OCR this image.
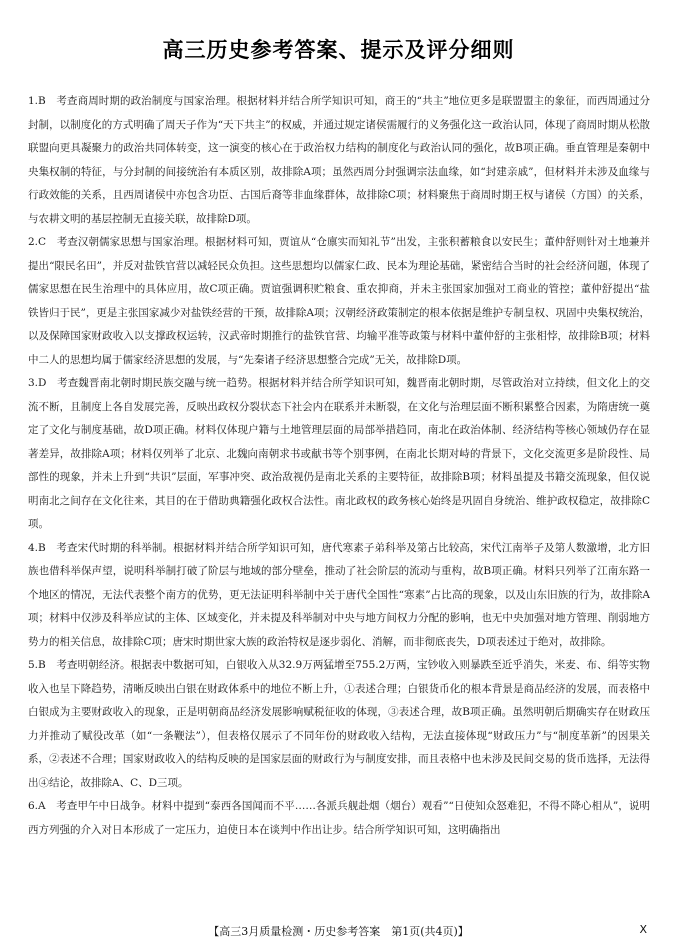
高三历史参考答案、提示及评分细则

1.B　考查商周时期的政治制度与国家治理。根据材料并结合所学知识可知，商王的“共主”地位更多是联盟盟主的象征，而西周通过分封制，以制度化的方式明确了周天子作为“天下共主”的权威，并通过规定诸侯需履行的义务强化这一政治认同，体现了商周时期从松散联盟向更具凝聚力的政治共同体转变，这一演变的核心在于政治权力结构的制度化与政治认同的强化，故B项正确。垂直管理是秦朝中央集权制的特征，与分封制的间接统治有本质区别，故排除A项；虽然西周分封强调宗法血缘，如“封建亲戚”，但材料并未涉及血缘与行政效能的关系，且西周诸侯中亦包含功臣、古国后裔等非血缘群体，故排除C项；材料聚焦于商周时期王权与诸侯（方国）的关系，与农耕文明的基层控制无直接关联，故排除D项。

2.C　考查汉朝儒家思想与国家治理。根据材料可知，贾谊从“仓廪实而知礼节”出发，主张积蓄粮食以安民生；董仲舒则针对土地兼并提出“限民名田”，并反对盐铁官营以减轻民众负担。这些思想均以儒家仁政、民本为理论基础，紧密结合当时的社会经济问题，体现了儒家思想在民生治理中的具体应用，故C项正确。贾谊强调积贮粮食、重农抑商，并未主张国家加强对工商业的管控；董仲舒提出“盐铁皆归于民”，更是主张国家减少对盐铁经营的干预，故排除A项；汉朝经济政策制定的根本依据是维护专制皇权、巩固中央集权统治，以及保障国家财政收入以支撑政权运转，汉武帝时期推行的盐铁官营、均输平准等政策与材料中董仲舒的主张相悖，故排除B项；材料中二人的思想均属于儒家经济思想的发展，与“先秦诸子经济思想整合完成”无关，故排除D项。

3.D　考查魏晋南北朝时期民族交融与统一趋势。根据材料并结合所学知识可知，魏晋南北朝时期，尽管政治对立持续，但文化上的交流不断，且制度上各自发展完善，反映出政权分裂状态下社会内在联系并未断裂，在文化与治理层面不断积累整合因素，为隋唐统一奠定了文化与制度基础，故D项正确。材料仅体现户籍与土地管理层面的局部举措趋同，南北在政治体制、经济结构等核心领域仍存在显著差异，故排除A项；材料仅列举了北京、北魏向南朝求书或献书等个别事例，在南北长期对峙的背景下，文化交流更多是阶段性、局部性的现象，并未上升到“共识”层面，军事冲突、政治敌视仍是南北关系的主要特征，故排除B项；材料虽提及书籍交流现象，但仅说明南北之间存在文化往来，其目的在于借助典籍强化政权合法性。南北政权的政务核心始终是巩固自身统治、维护政权稳定，故排除C项。

4.B　考查宋代时期的科举制。根据材料并结合所学知识可知，唐代寒素子弟科举及第占比较高，宋代江南举子及第人数激增，北方旧族也借科举保声望，说明科举制打破了阶层与地域的部分壁垒，推动了社会阶层的流动与重构，故B项正确。材料只列举了江南东路一个地区的情况，无法代表整个南方的优势，更无法证明科举制中关于唐代全国性“寒素”占比高的现象，以及山东旧族的行为，故排除A项；材料中仅涉及科举应试的主体、区域变化，并未提及科举制对中央与地方间权力分配的影响，也无中央加强对地方管理、削弱地方势力的相关信息，故排除C项；唐宋时期世家大族的政治特权是逐步弱化、消解，而非彻底丧失，D项表述过于绝对，故排除。

5.B　考查明朝经济。根据表中数据可知，白银收入从32.9万两猛增至755.2万两，宝钞收入则暴跌至近乎消失，米麦、布、绢等实物收入也呈下降趋势，清晰反映出白银在财政体系中的地位不断上升，①表述合理；白银货币化的根本背景是商品经济的发展，而表格中白银成为主要财政收入的现象，正是明朝商品经济发展影响赋税征收的体现，③表述合理，故B项正确。虽然明朝后期确实存在财政压力并推动了赋役改革（如“一条鞭法”），但表格仅展示了不同年份的财政收入结构，无法直接体现“财政压力”与“制度革新”的因果关系，②表述不合理；国家财政收入的结构反映的是国家层面的财政行为与制度安排，而且表格中也未涉及民间交易的货币选择，无法得出④结论，故排除A、C、D三项。

6.A　考查甲午中日战争。材料中提到“泰西各国闻而不平……各派兵舰赴烟（烟台）观看”“日使知众怒难犯，不得不降心相从”，说明西方列强的介入对日本形成了一定压力，迫使日本在谈判中作出让步。结合所学知识可知，这明确指出

【高三3月质量检测・历史参考答案　第1页(共4页)】	X
